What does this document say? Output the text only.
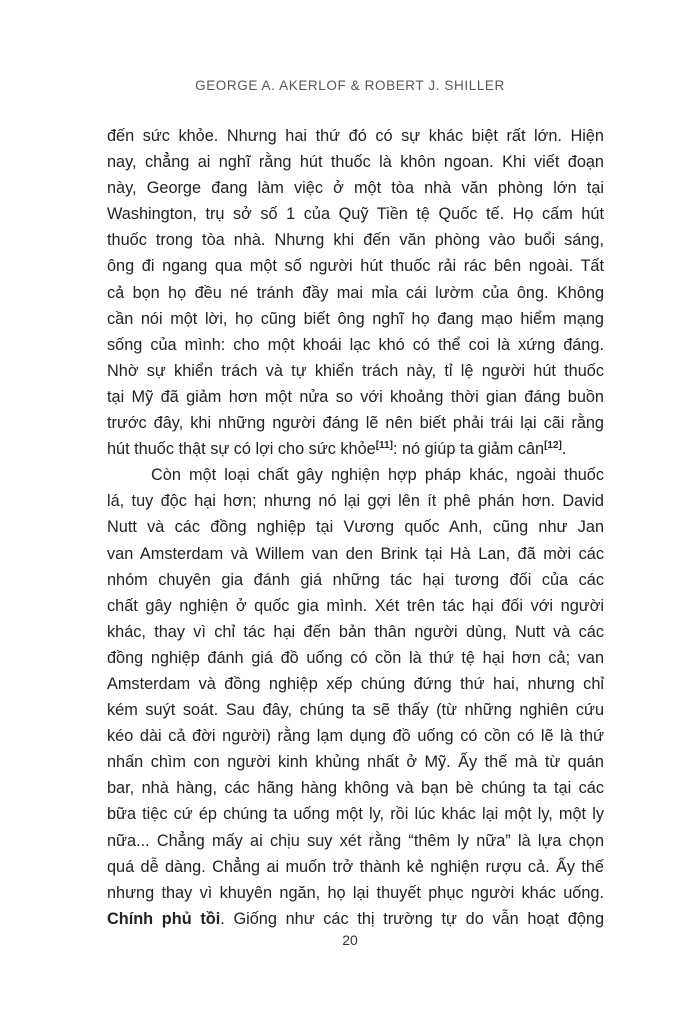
GEORGE A. AKERLOF & ROBERT J. SHILLER
đến sức khỏe. Nhưng hai thứ đó có sự khác biệt rất lớn. Hiện
nay, chẳng ai nghĩ rằng hút thuốc là khôn ngoan. Khi viết đoạn
này, George đang làm việc ở một tòa nhà văn phòng lớn tại
Washington, trụ sở số 1 của Quỹ Tiền tệ Quốc tế. Họ cấm hút
thuốc trong tòa nhà. Nhưng khi đến văn phòng vào buổi sáng,
ông đi ngang qua một số người hút thuốc rải rác bên ngoài. Tất
cả bọn họ đều né tránh đầy mai mỉa cái lườm của ông. Không
cần nói một lời, họ cũng biết ông nghĩ họ đang mạo hiểm mạng
sống của mình: cho một khoái lạc khó có thể coi là xứng đáng.
Nhờ sự khiển trách và tự khiển trách này, tỉ lệ người hút thuốc
tại Mỹ đã giảm hơn một nửa so với khoảng thời gian đáng buồn
trước đây, khi những người đáng lẽ nên biết phải trái lại cãi rằng
hút thuốc thật sự có lợi cho sức khỏe[11]: nó giúp ta giảm cân[12].
Còn một loại chất gây nghiện hợp pháp khác, ngoài thuốc
lá, tuy độc hại hơn; nhưng nó lại gợi lên ít phê phán hơn. David
Nutt và các đồng nghiệp tại Vương quốc Anh, cũng như Jan
van Amsterdam và Willem van den Brink tại Hà Lan, đã mời các
nhóm chuyên gia đánh giá những tác hại tương đối của các
chất gây nghiện ở quốc gia mình. Xét trên tác hại đối với người
khác, thay vì chỉ tác hại đến bản thân người dùng, Nutt và các
đồng nghiệp đánh giá đồ uống có cồn là thứ tệ hại hơn cả; van
Amsterdam và đồng nghiệp xếp chúng đứng thứ hai, nhưng chỉ
kém suýt soát. Sau đây, chúng ta sẽ thấy (từ những nghiên cứu
kéo dài cả đời người) rằng lạm dụng đồ uống có cồn có lẽ là thứ
nhấn chìm con người kinh khủng nhất ở Mỹ. Ấy thế mà từ quán
bar, nhà hàng, các hãng hàng không và bạn bè chúng ta tại các
bữa tiệc cứ ép chúng ta uống một ly, rồi lúc khác lại một ly, một ly
nữa... Chẳng mấy ai chịu suy xét rằng “thêm ly nữa” là lựa chọn
quá dễ dàng. Chẳng ai muốn trở thành kẻ nghiện rượu cả. Ấy thế
nhưng thay vì khuyên ngăn, họ lại thuyết phục người khác uống.
Chính phủ tồi. Giống như các thị trường tự do vẫn hoạt động
20
